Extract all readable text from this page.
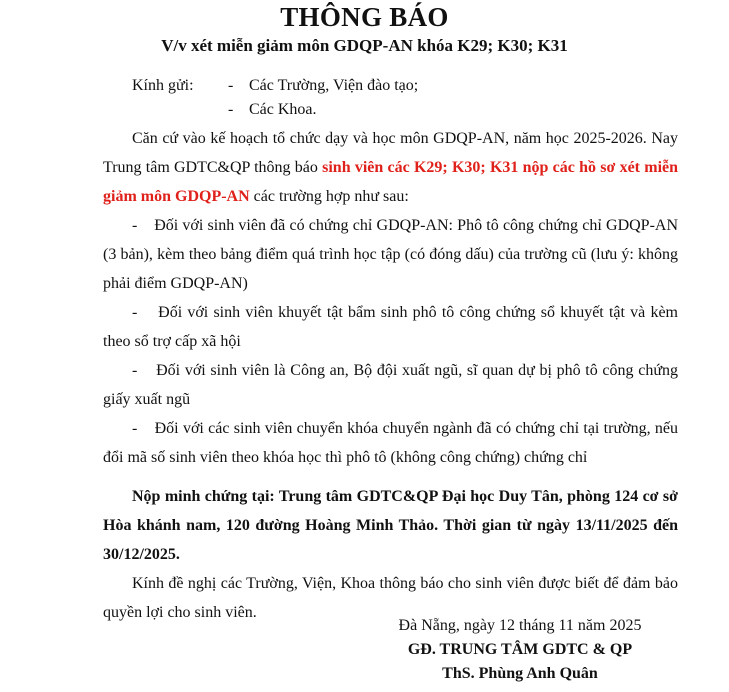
THÔNG BÁO
V/v xét miễn giảm môn GDQP-AN khóa K29; K30; K31
Kính gửi:	- Các Trường, Viện đào tạo;
- Các Khoa.

Căn cứ vào kế hoạch tổ chức dạy và học môn GDQP-AN, năm học 2025-2026. Nay Trung tâm GDTC&QP thông báo sinh viên các K29; K30; K31 nộp các hồ sơ xét miễn giảm môn GDQP-AN các trường hợp như sau:

- Đối với sinh viên đã có chứng chỉ GDQP-AN: Phô tô công chứng chỉ GDQP-AN (3 bản), kèm theo bảng điểm quá trình học tập (có đóng dấu) của trường cũ (lưu ý: không phải điểm GDQP-AN)

- Đối với sinh viên khuyết tật bẩm sinh phô tô công chứng sổ khuyết tật và kèm theo sổ trợ cấp xã hội

- Đối với sinh viên là Công an, Bộ đội xuất ngũ, sĩ quan dự bị phô tô công chứng giấy xuất ngũ

- Đối với các sinh viên chuyển khóa chuyển ngành đã có chứng chỉ tại trường, nếu đổi mã số sinh viên theo khóa học thì phô tô (không công chứng) chứng chỉ

Nộp minh chứng tại: Trung tâm GDTC&QP Đại học Duy Tân, phòng 124 cơ sở Hòa khánh nam, 120 đường Hoàng Minh Thảo. Thời gian từ ngày 13/11/2025 đến 30/12/2025.

Kính đề nghị các Trường, Viện, Khoa thông báo cho sinh viên được biết để đảm bảo quyền lợi cho sinh viên.

Đà Nẵng, ngày 12 tháng 11 năm 2025
GĐ. TRUNG TÂM GDTC & QP
ThS. Phùng Anh Quân
